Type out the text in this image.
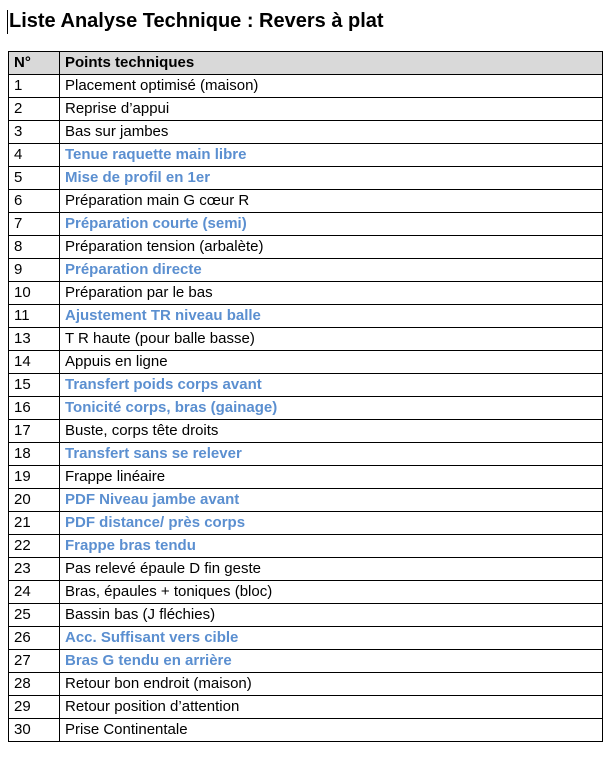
Liste Analyse Technique : Revers à plat
N°	Points techniques
1	Placement optimisé (maison)
2	Reprise d’appui
3	Bas sur jambes
4	Tenue raquette main libre
5	Mise de profil en 1er
6	Préparation main G cœur R
7	Préparation courte (semi)
8	Préparation tension (arbalète)
9	Préparation directe
10	Préparation par le bas
11	Ajustement TR niveau balle
13	T R haute (pour balle basse)
14	Appuis en ligne
15	Transfert poids corps avant
16	Tonicité corps, bras (gainage)
17	Buste, corps tête droits
18	Transfert sans se relever
19	Frappe linéaire
20	PDF Niveau jambe avant
21	PDF distance/ près corps
22	Frappe bras tendu
23	Pas relevé épaule D fin geste
24	Bras, épaules + toniques (bloc)
25	Bassin bas (J fléchies)
26	Acc. Suffisant vers cible
27	Bras G tendu en arrière
28	Retour bon endroit (maison)
29	Retour position d’attention
30	Prise Continentale
